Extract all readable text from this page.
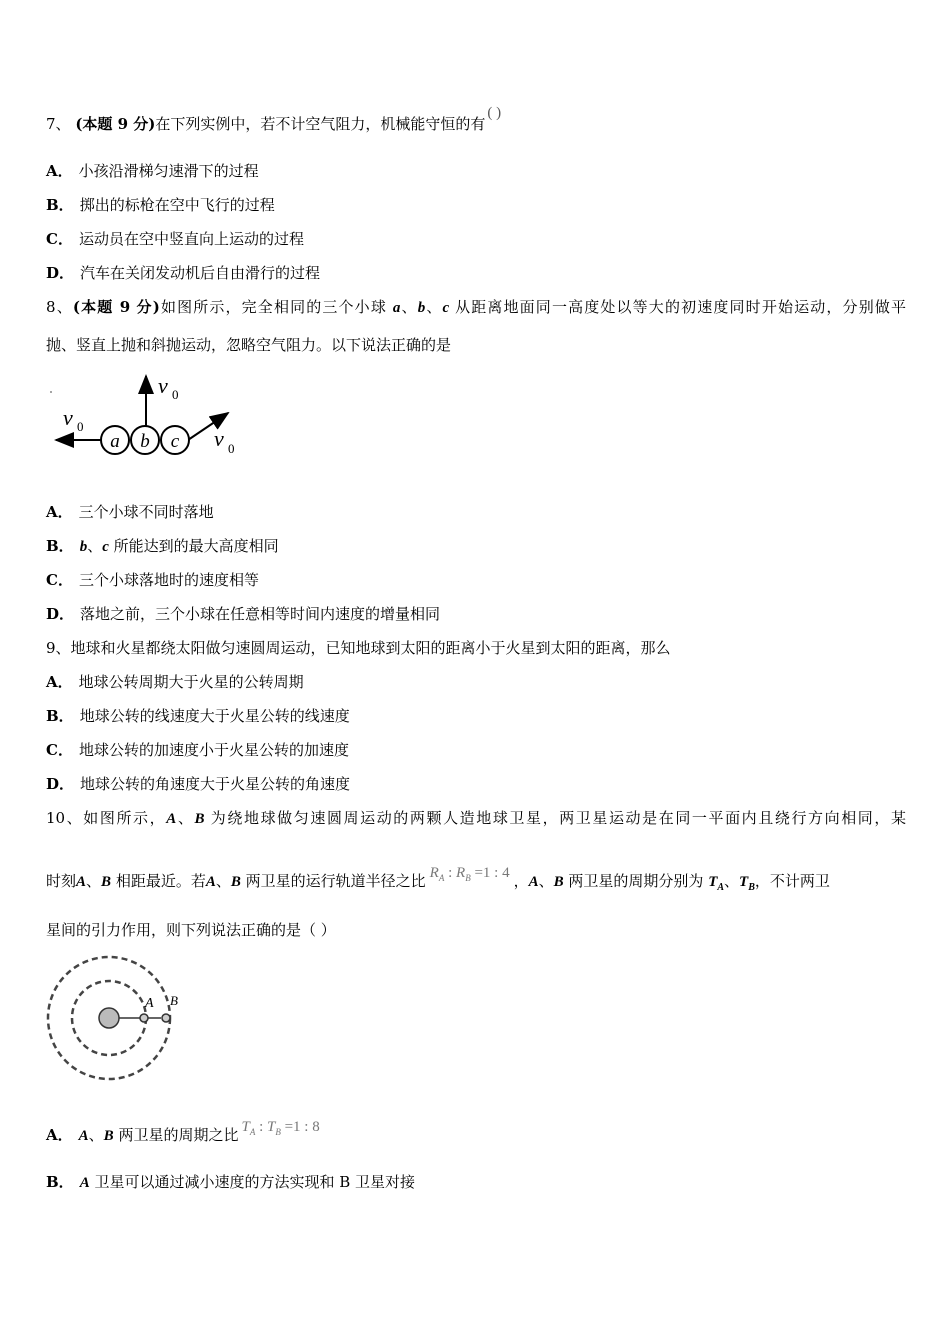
7、 (本题 9 分)在下列实例中，若不计空气阻力，机械能守恒的有( )
A． 小孩沿滑梯匀速滑下的过程
B． 掷出的标枪在空中飞行的过程
C． 运动员在空中竖直向上运动的过程
D． 汽车在关闭发动机后自由滑行的过程
8、(本题 9 分)如图所示，完全相同的三个小球 a、b、c 从距离地面同一高度处以等大的初速度同时开始运动，分别做平
抛、竖直上抛和斜抛运动，忽略空气阻力。以下说法正确的是
a b c
v 0
v 0
v 0
A． 三个小球不同时落地
B． b、c 所能达到的最大高度相同
C． 三个小球落地时的速度相等
D． 落地之前，三个小球在任意相等时间内速度的增量相同
9、地球和火星都绕太阳做匀速圆周运动，已知地球到太阳的距离小于火星到太阳的距离，那么
A． 地球公转周期大于火星的公转周期
B． 地球公转的线速度大于火星公转的线速度
C． 地球公转的加速度小于火星公转的加速度
D． 地球公转的角速度大于火星公转的角速度
10、如图所示，A、B 为绕地球做匀速圆周运动的两颗人造地球卫星，两卫星运动是在同一平面内且绕行方向相同，某
时刻A、B 相距最近。若A、B 两卫星的运行轨道半径之比 $R_A$ : $R_B =1$ : 4 ，A、B 两卫星的周期分别为 $T_A$、$T_B$，不计两卫
星间的引力作用，则下列说法正确的是（ ）
A B
A． A、B 两卫星的周期之比 $T_A$ : $T_B =1$ : 8
B． A 卫星可以通过减小速度的方法实现和 B 卫星对接
